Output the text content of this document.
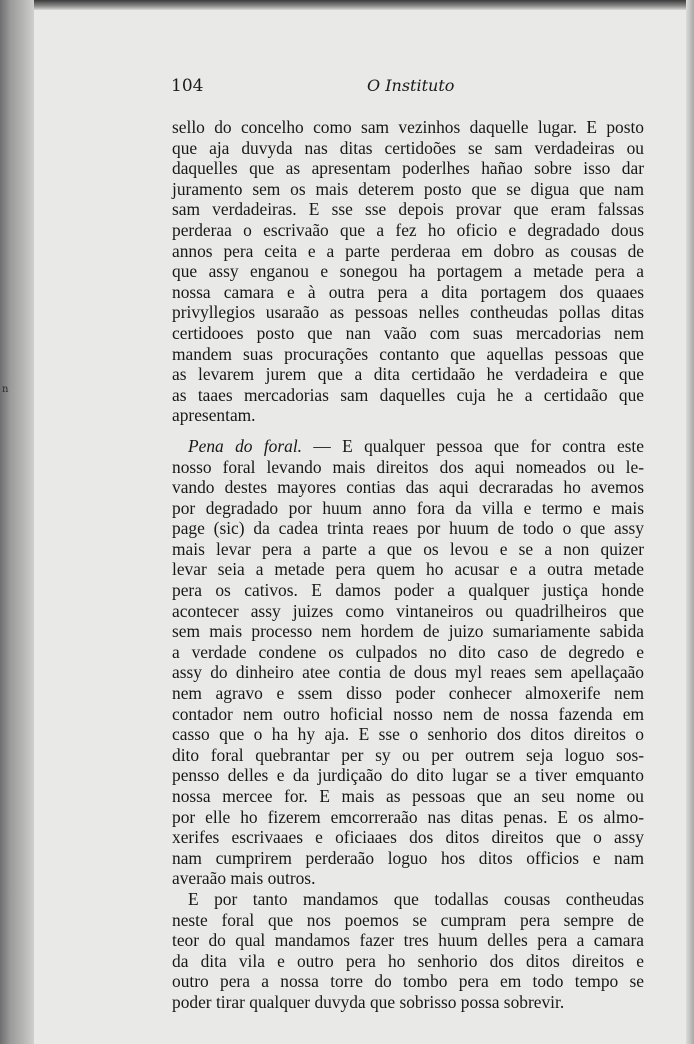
n
104	O Instituto
sello do concelho como sam vezinhos daquelle lugar. E posto
que aja duvyda nas ditas certidoões se sam verdadeiras ou
daquelles que as apresentam poderlhes hañao sobre isso dar
juramento sem os mais deterem posto que se digua que nam
sam verdadeiras. E sse sse depois provar que eram falssas
perderaa o escrivaão que a fez ho oficio e degradado dous
annos pera ceita e a parte perderaa em dobro as cousas de
que assy enganou e sonegou ha portagem a metade pera a
nossa camara e à outra pera a dita portagem dos quaaes
privyllegios usaraão as pessoas nelles contheudas pollas ditas
certidooes posto que nan vaão com suas mercadorias nem
mandem suas procurações contanto que aquellas pessoas que
as levarem jurem que a dita certidaão he verdadeira e que
as taaes mercadorias sam daquelles cuja he a certidaão que
apresentam.
Pena do foral. — E qualquer pessoa que for contra este
nosso foral levando mais direitos dos aqui nomeados ou le-
vando destes mayores contias das aqui decraradas ho avemos
por degradado por huum anno fora da villa e termo e mais
page (sic) da cadea trinta reaes por huum de todo o que assy
mais levar pera a parte a que os levou e se a non quizer
levar seia a metade pera quem ho acusar e a outra metade
pera os cativos. E damos poder a qualquer justiça honde
acontecer assy juizes como vintaneiros ou quadrilheiros que
sem mais processo nem hordem de juizo sumariamente sabida
a verdade condene os culpados no dito caso de degredo e
assy do dinheiro atee contia de dous myl reaes sem apellaçaão
nem agravo e ssem disso poder conhecer almoxerife nem
contador nem outro hoficial nosso nem de nossa fazenda em
casso que o ha hy aja. E sse o senhorio dos ditos direitos o
dito foral quebrantar per sy ou per outrem seja loguo sos-
pensso delles e da jurdiçaão do dito lugar se a tiver emquanto
nossa mercee for. E mais as pessoas que an seu nome ou
por elle ho fizerem emcorreraão nas ditas penas. E os almo-
xerifes escrivaaes e oficiaaes dos ditos direitos que o assy
nam cumprirem perderaão loguo hos ditos officios e nam
averaão mais outros.
E por tanto mandamos que todallas cousas contheudas
neste foral que nos poemos se cumpram pera sempre de
teor do qual mandamos fazer tres huum delles pera a camara
da dita vila e outro pera ho senhorio dos ditos direitos e
outro pera a nossa torre do tombo pera em todo tempo se
poder tirar qualquer duvyda que sobrisso possa sobrevir.
